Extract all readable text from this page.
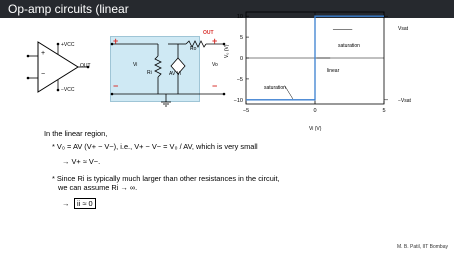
Op-amp circuits (linear
+VCC
−VCC
OUT
+
−
OUT
+
−
+
−
Vi
Ri	AV Vi
Ro
Vo
10
5
0
−5
−10
−5	0	5
V₀ (V)
Vi (V)
Vsat
−Vsat
saturation
linear
saturation
In the linear region,
* V₀ = AV (V+ − V−), i.e., V+ − V− = V₀ / AV, which is very small
→ V+ ≈ V−.
* Since Ri is typically much larger than other resistances in the circuit,
we can assume Ri → ∞.
→	ii ≈ 0
M. B. Patil, IIT Bombay
